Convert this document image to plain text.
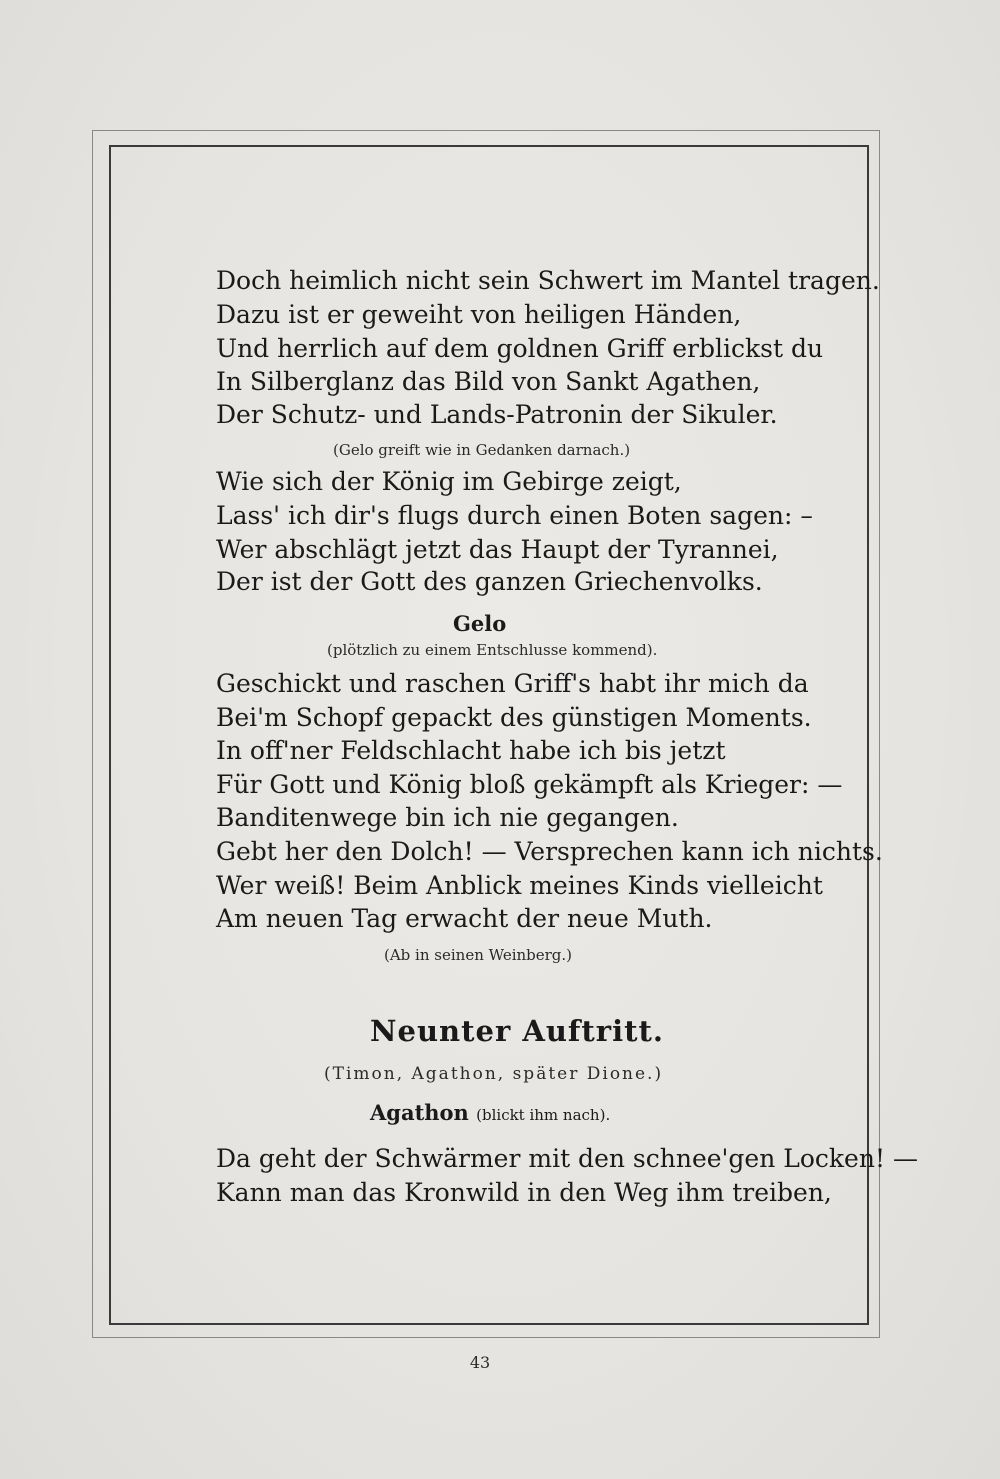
Doch heimlich nicht sein Schwert im Mantel tragen.
Dazu ist er geweiht von heiligen Händen,
Und herrlich auf dem goldnen Griff erblickst du
In Silberglanz das Bild von Sankt Agathen,
Der Schutz- und Lands-Patronin der Sikuler.
(Gelo greift wie in Gedanken darnach.)
Wie sich der König im Gebirge zeigt,
Lass' ich dir's flugs durch einen Boten sagen: –
Wer abschlägt jetzt das Haupt der Tyrannei,
Der ist der Gott des ganzen Griechenvolks.
Gelo
(plötzlich zu einem Entschlusse kommend).
Geschickt und raschen Griff's habt ihr mich da
Bei'm Schopf gepackt des günstigen Moments.
In off'ner Feldschlacht habe ich bis jetzt
Für Gott und König bloß gekämpft als Krieger: —
Banditenwege bin ich nie gegangen.
Gebt her den Dolch! — Versprechen kann ich nichts.
Wer weiß! Beim Anblick meines Kinds vielleicht
Am neuen Tag erwacht der neue Muth.
(Ab in seinen Weinberg.)
Neunter Auftritt.
(Timon, Agathon, später Dione.)
Agathon (blickt ihm nach).
Da geht der Schwärmer mit den schnee'gen Locken! —
Kann man das Kronwild in den Weg ihm treiben,
43
